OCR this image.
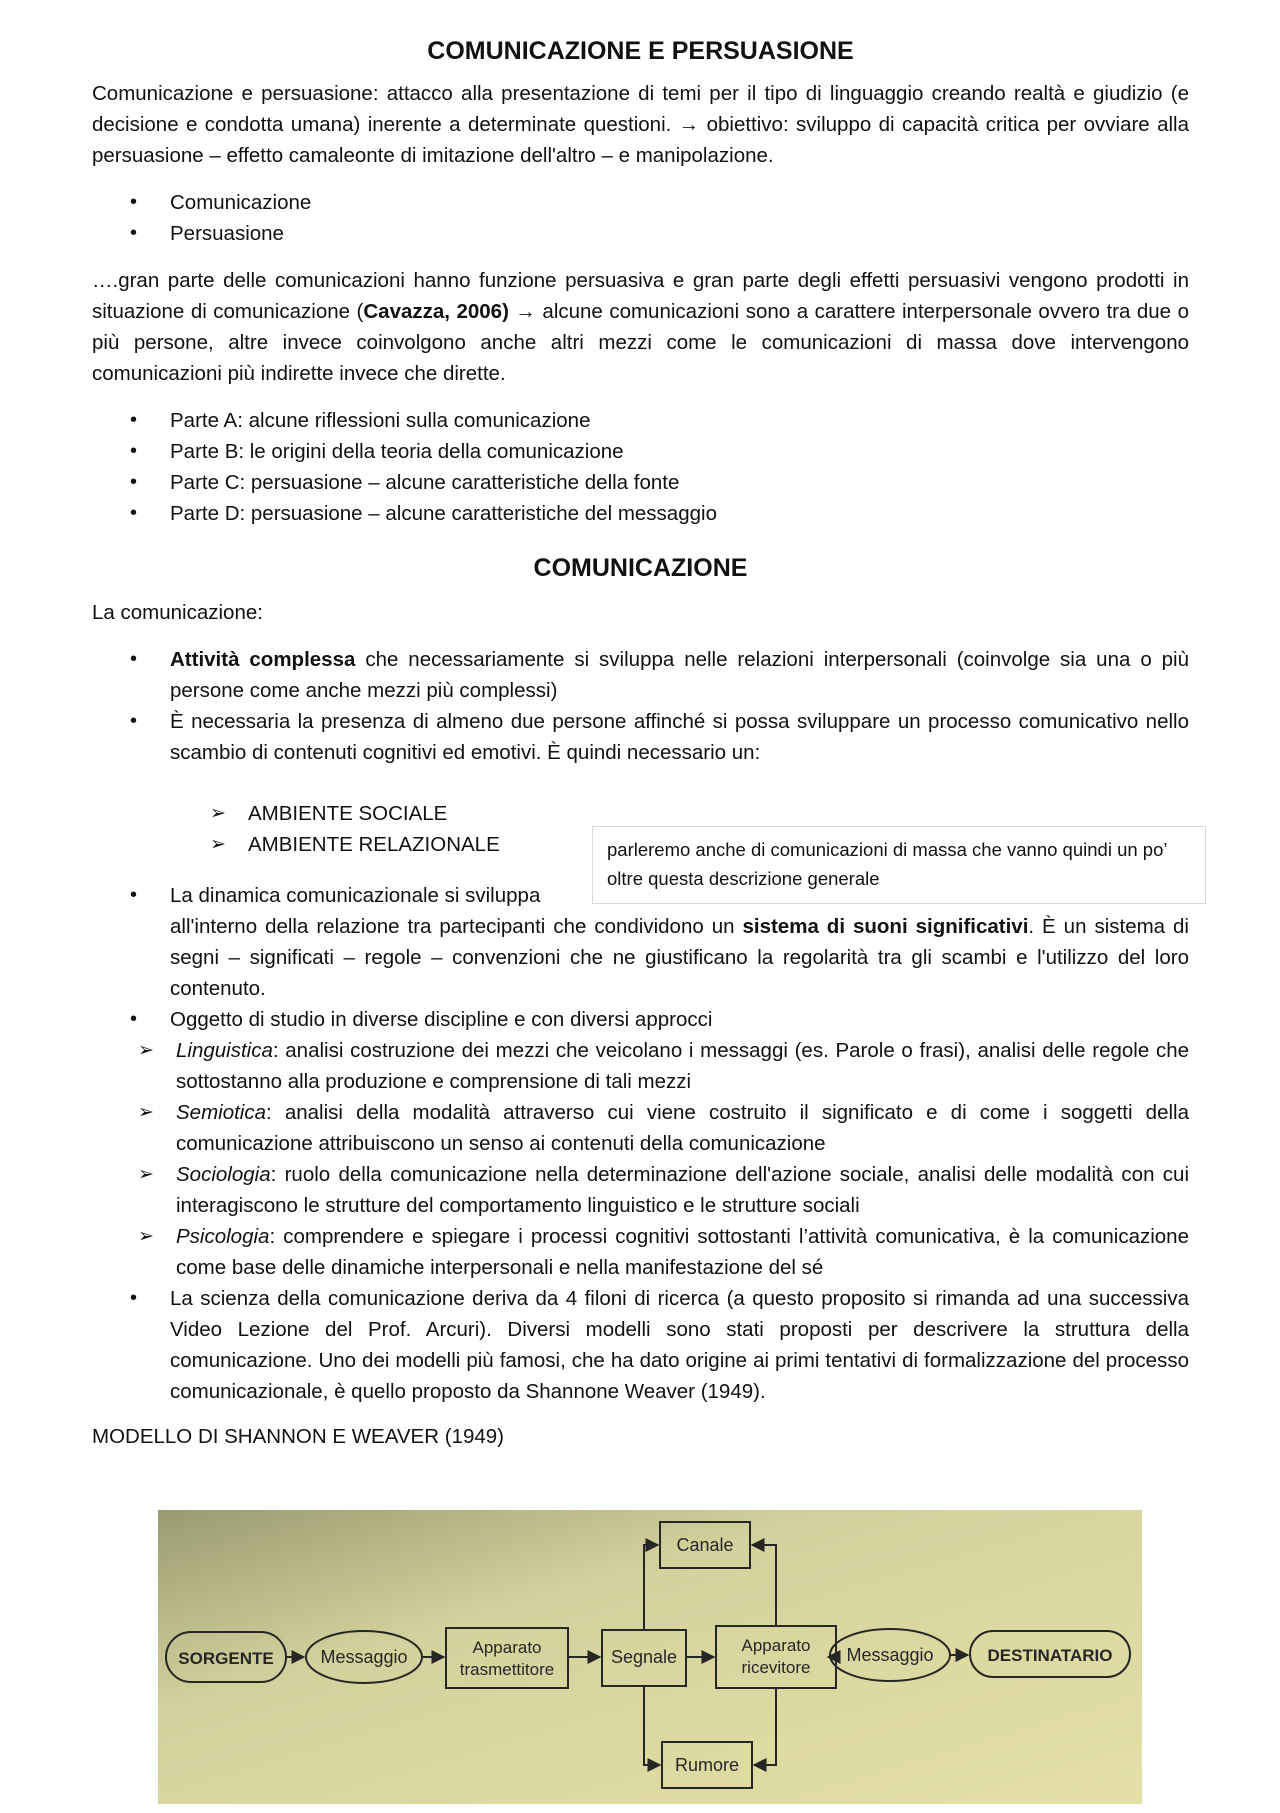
COMUNICAZIONE E PERSUASIONE

Comunicazione e persuasione: attacco alla presentazione di temi per il tipo di linguaggio creando realtà e giudizio (e decisione e condotta umana) inerente a determinate questioni. → obiettivo: sviluppo di capacità critica per ovviare alla persuasione – effetto camaleonte di imitazione dell'altro – e manipolazione.

• Comunicazione
• Persuasione

….gran parte delle comunicazioni hanno funzione persuasiva e gran parte degli effetti persuasivi vengono prodotti in situazione di comunicazione (Cavazza, 2006) → alcune comunicazioni sono a carattere interpersonale ovvero tra due o più persone, altre invece coinvolgono anche altri mezzi come le comunicazioni di massa dove intervengono comunicazioni più indirette invece che dirette.

• Parte A: alcune riflessioni sulla comunicazione
• Parte B: le origini della teoria della comunicazione
• Parte C: persuasione – alcune caratteristiche della fonte
• Parte D: persuasione – alcune caratteristiche del messaggio
COMUNICAZIONE

La comunicazione:

• Attività complessa che necessariamente si sviluppa nelle relazioni interpersonali (coinvolge sia una o più persone come anche mezzi più complessi)
• È necessaria la presenza di almeno due persone affinché si possa sviluppare un processo comunicativo nello scambio di contenuti cognitivi ed emotivi. È quindi necessario un:
➢ AMBIENTE SOCIALE
➢ AMBIENTE RELAZIONALE
• La dinamica comunicazionale si sviluppa
all'interno della relazione tra partecipanti che condividono un sistema di suoni significativi. È un sistema di segni – significati – regole – convenzioni che ne giustificano la regolarità tra gli scambi e l'utilizzo del loro contenuto.
• Oggetto di studio in diverse discipline e con diversi approcci
➢ Linguistica: analisi costruzione dei mezzi che veicolano i messaggi (es. Parole o frasi), analisi delle regole che sottostanno alla produzione e comprensione di tali mezzi
➢ Semiotica: analisi della modalità attraverso cui viene costruito il significato e di come i soggetti della comunicazione attribuiscono un senso ai contenuti della comunicazione
➢ Sociologia: ruolo della comunicazione nella determinazione dell'azione sociale, analisi delle modalità con cui interagiscono le strutture del comportamento linguistico e le strutture sociali
➢ Psicologia: comprendere e spiegare i processi cognitivi sottostanti l’attività comunicativa, è la comunicazione come base delle dinamiche interpersonali e nella manifestazione del sé
• La scienza della comunicazione deriva da 4 filoni di ricerca (a questo proposito si rimanda ad una successiva Video Lezione del Prof. Arcuri). Diversi modelli sono stati proposti per descrivere la struttura della comunicazione. Uno dei modelli più famosi, che ha dato origine ai primi tentativi di formalizzazione del processo comunicazionale, è quello proposto da Shannone Weaver (1949).

MODELLO DI SHANNON E WEAVER (1949)

parleremo anche di comunicazioni di massa che vanno quindi un po’ oltre questa descrizione generale
SORGENTE	Messaggio	Apparato
trasmettitore
Segnale
Apparato
ricevitore
Messaggio	DESTINATARIO
Canale
Rumore
